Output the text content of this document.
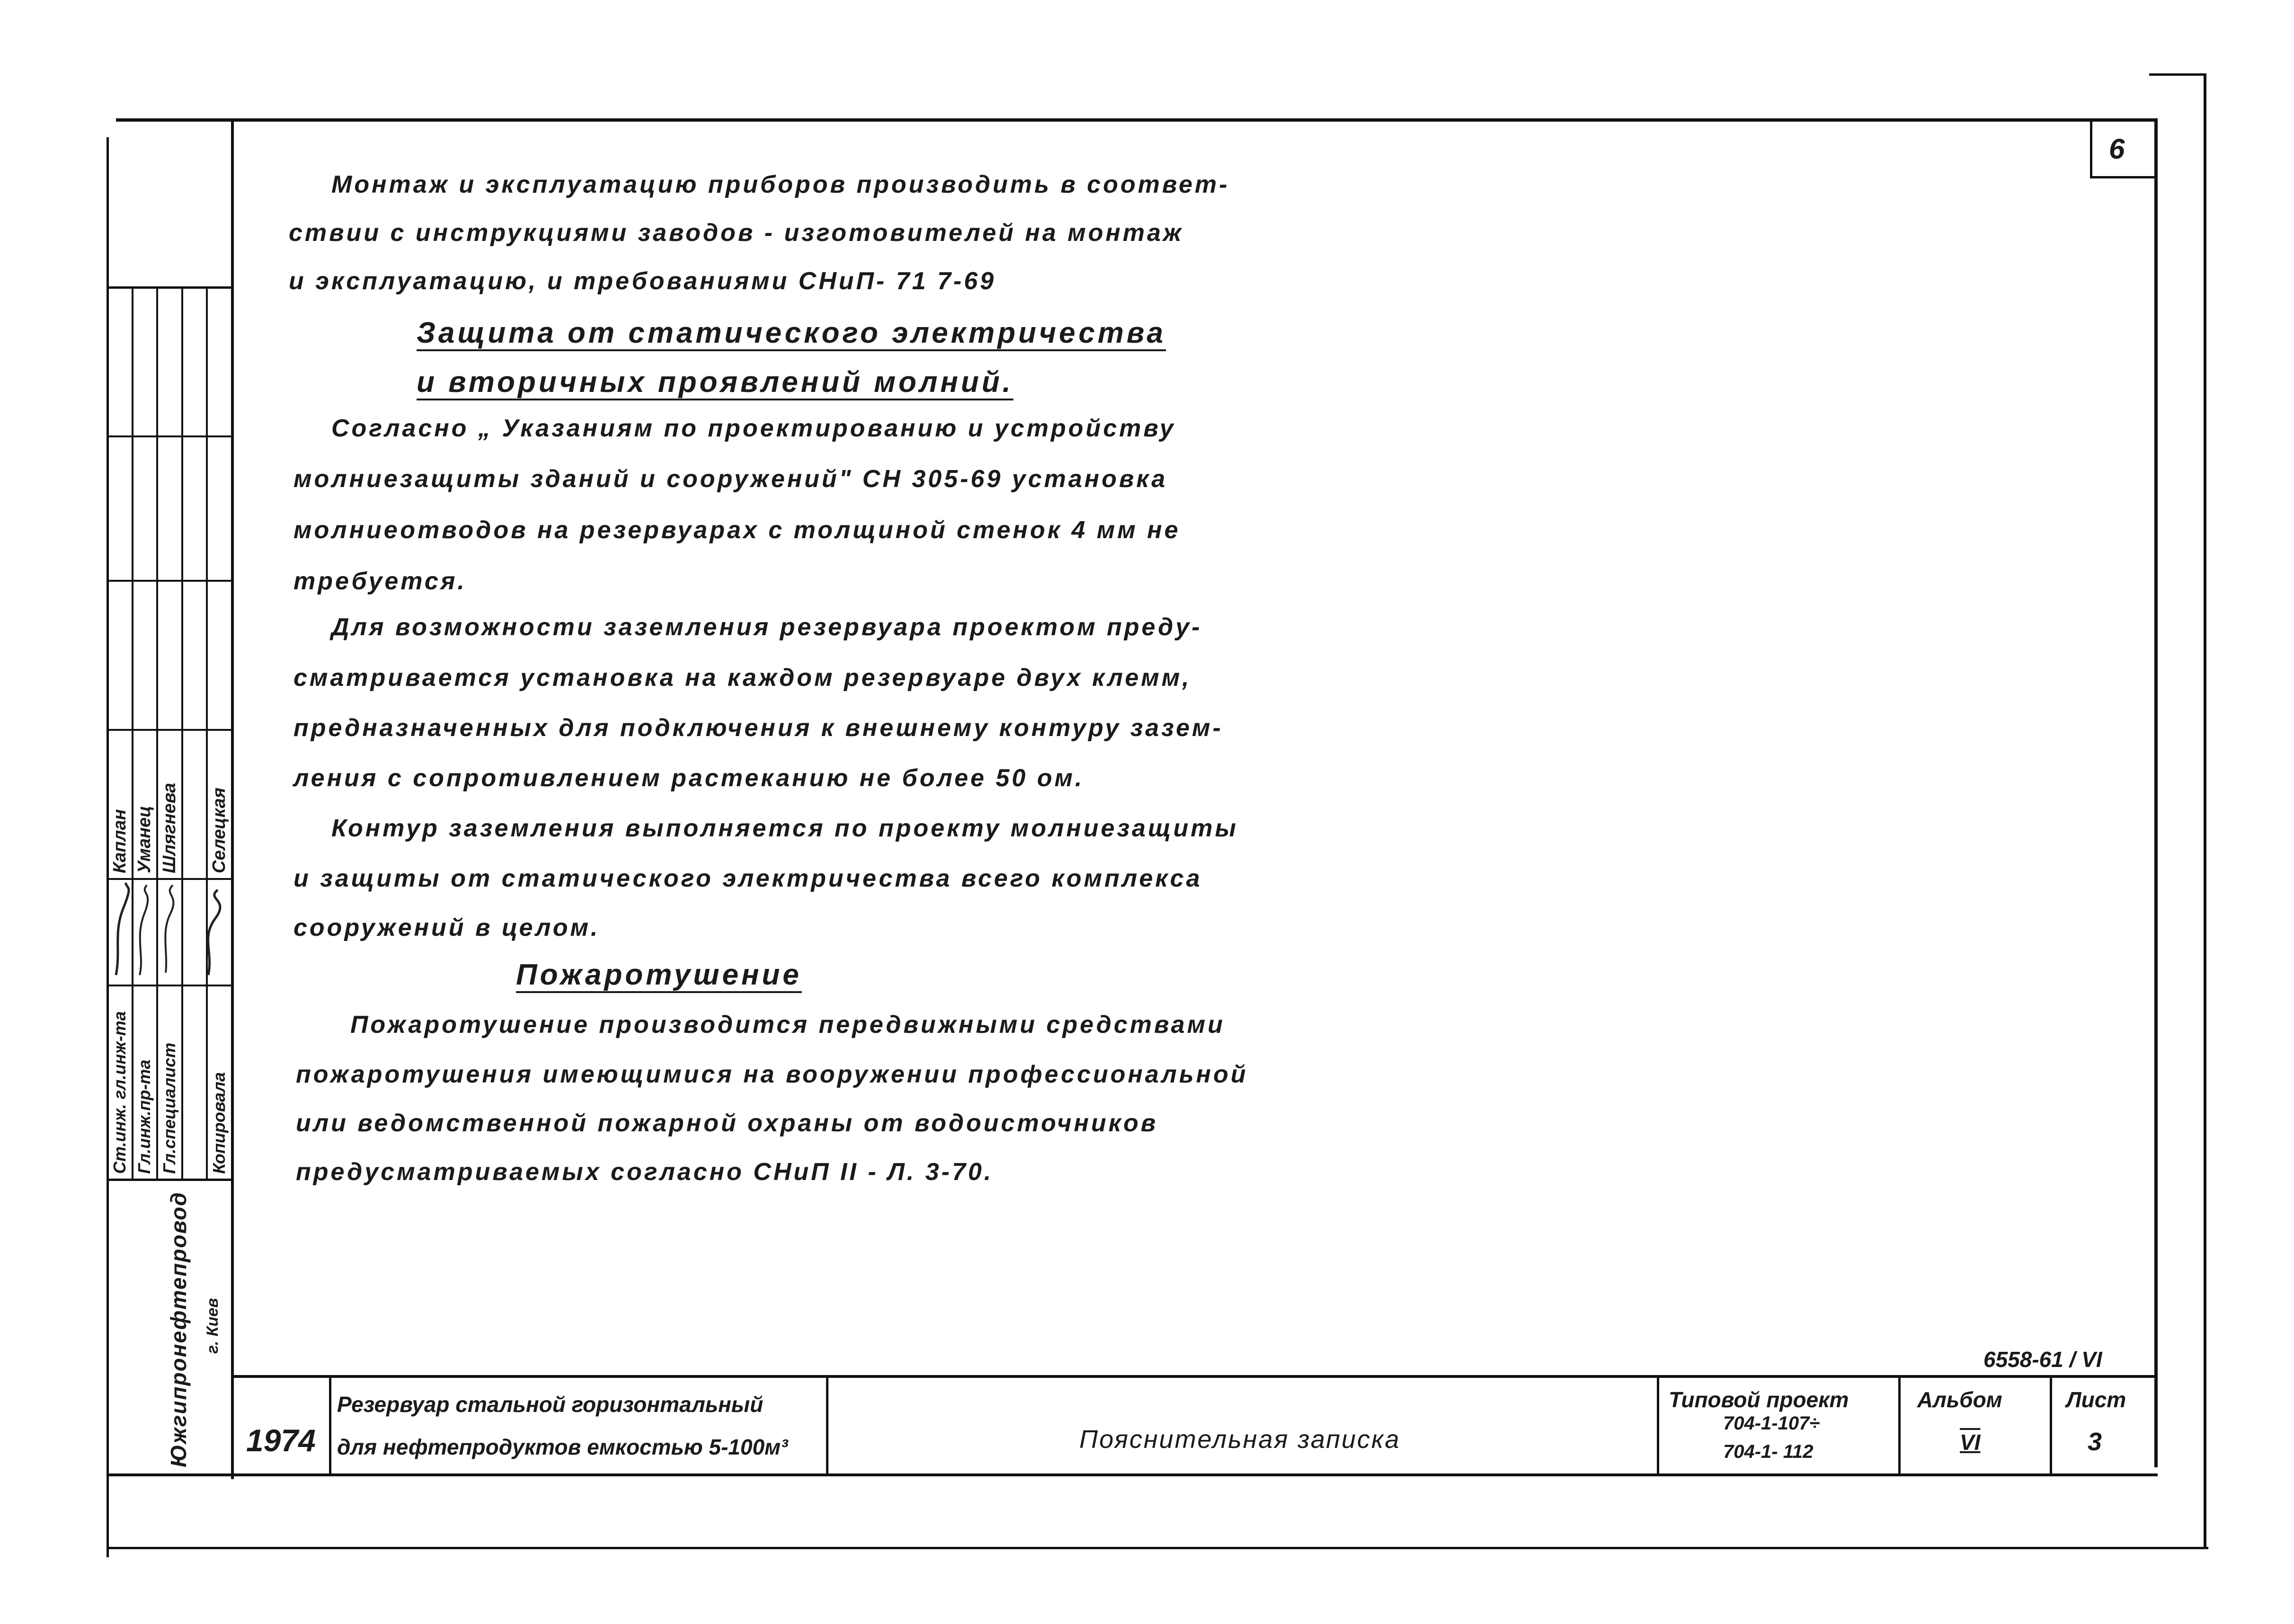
6
Ст.инж. гл.инж-та Гл.инж.пр-та Гл.специалист Копировала
Каплан Уманец Шлягнева Селецкая
Южгипронефтепровод г. Киев
Монтаж и эксплуатацию приборов производить в соответ-
ствии с инструкциями заводов - изготовителей на монтаж
и эксплуатацию, и требованиями СНиП- 71 7-69
Защита от статического электричества
и вторичных проявлений молний.
Согласно „ Указаниям по проектированию и устройству
молниезащиты зданий и сооружений" СН 305-69 установка
молниеотводов на резервуарах с толщиной стенок 4 мм не
требуется.
Для возможности заземления резервуара проектом преду-
сматривается установка на каждом резервуаре двух клемм,
предназначенных для подключения к внешнему контуру зазем-
ления с сопротивлением растеканию не более 50 ом.
Контур заземления выполняется по проекту молниезащиты
и защиты от статического электричества всего комплекса
сооружений в целом.
Пожаротушение
Пожаротушение производится передвижными средствами
пожаротушения имеющимися на вооружении профессиональной
или ведомственной пожарной охраны от водоисточников
предусматриваемых согласно СНиП II - Л. 3-70.
6558-61 / VI
1974
Резервуар стальной горизонтальный
для нефтепродуктов емкостью 5-100м³	Пояснительная записка
Типовой проект
704-1-107÷
704-1- 112
Альбом
VI
Лист
3
